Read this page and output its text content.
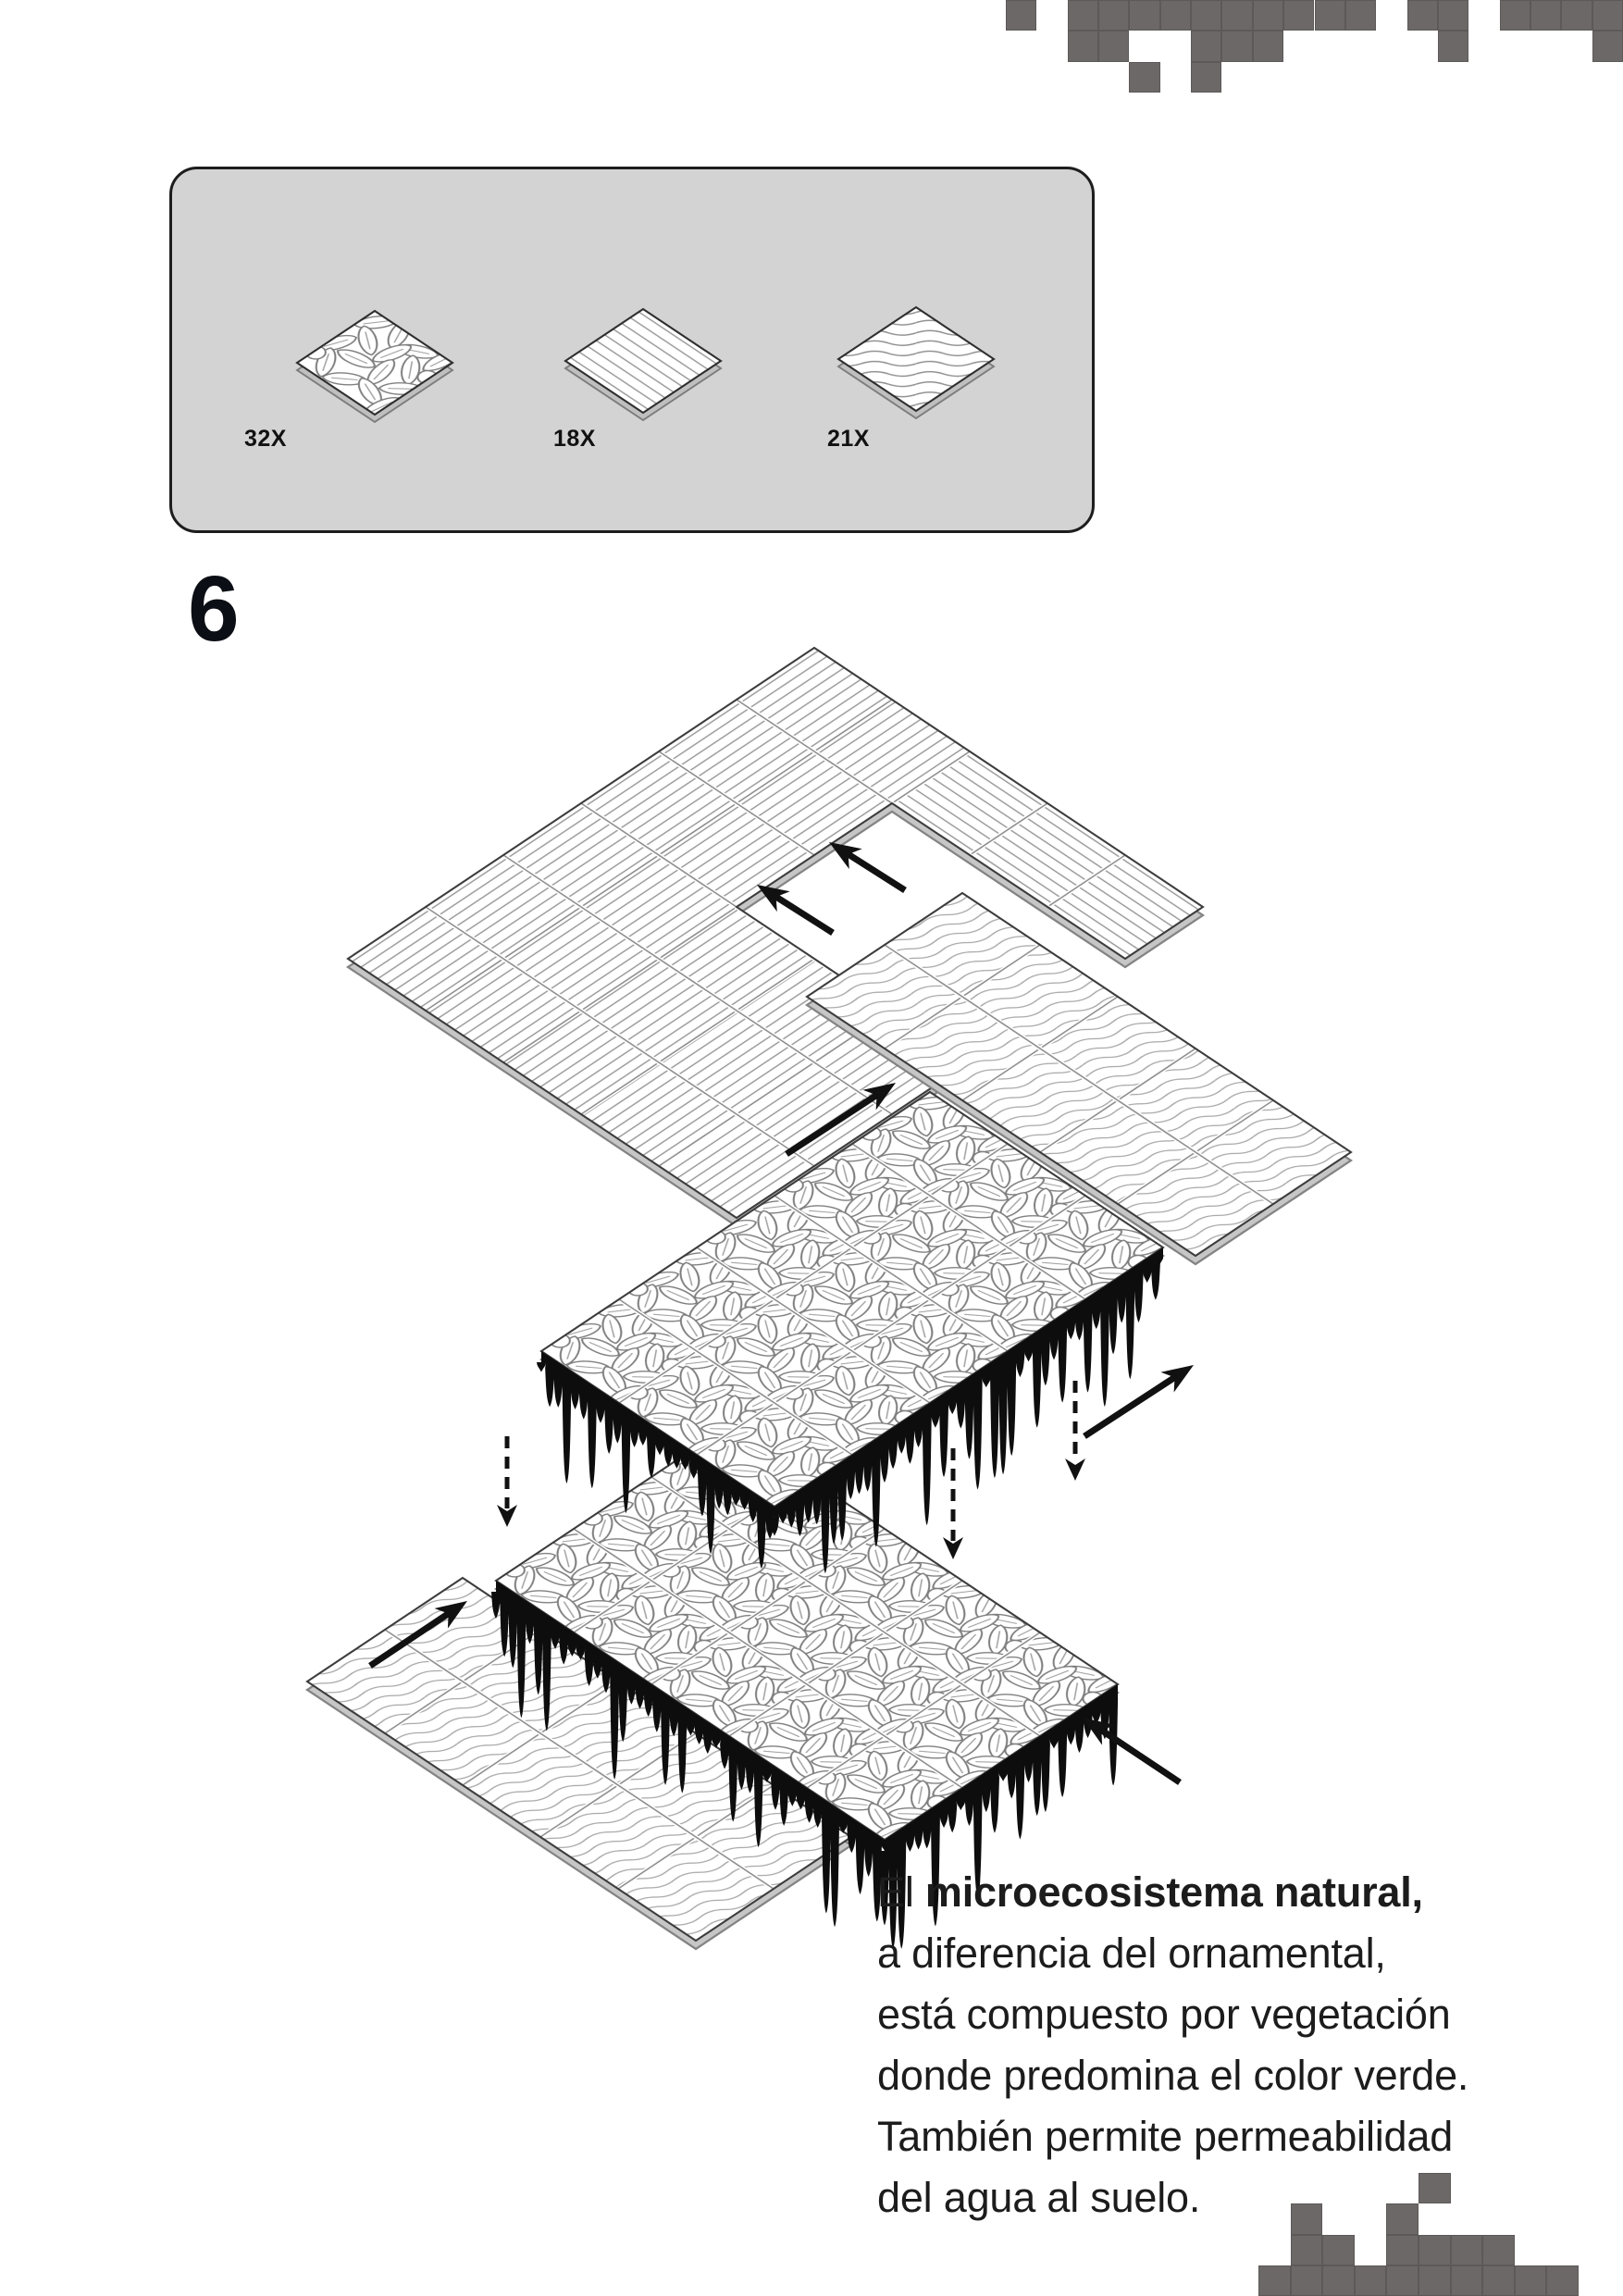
32X	18X	21X
6
El microecosistema natural,
a diferencia del ornamental,
está compuesto por vegetación
donde predomina el color verde.
También permite permeabilidad
del agua al suelo.
